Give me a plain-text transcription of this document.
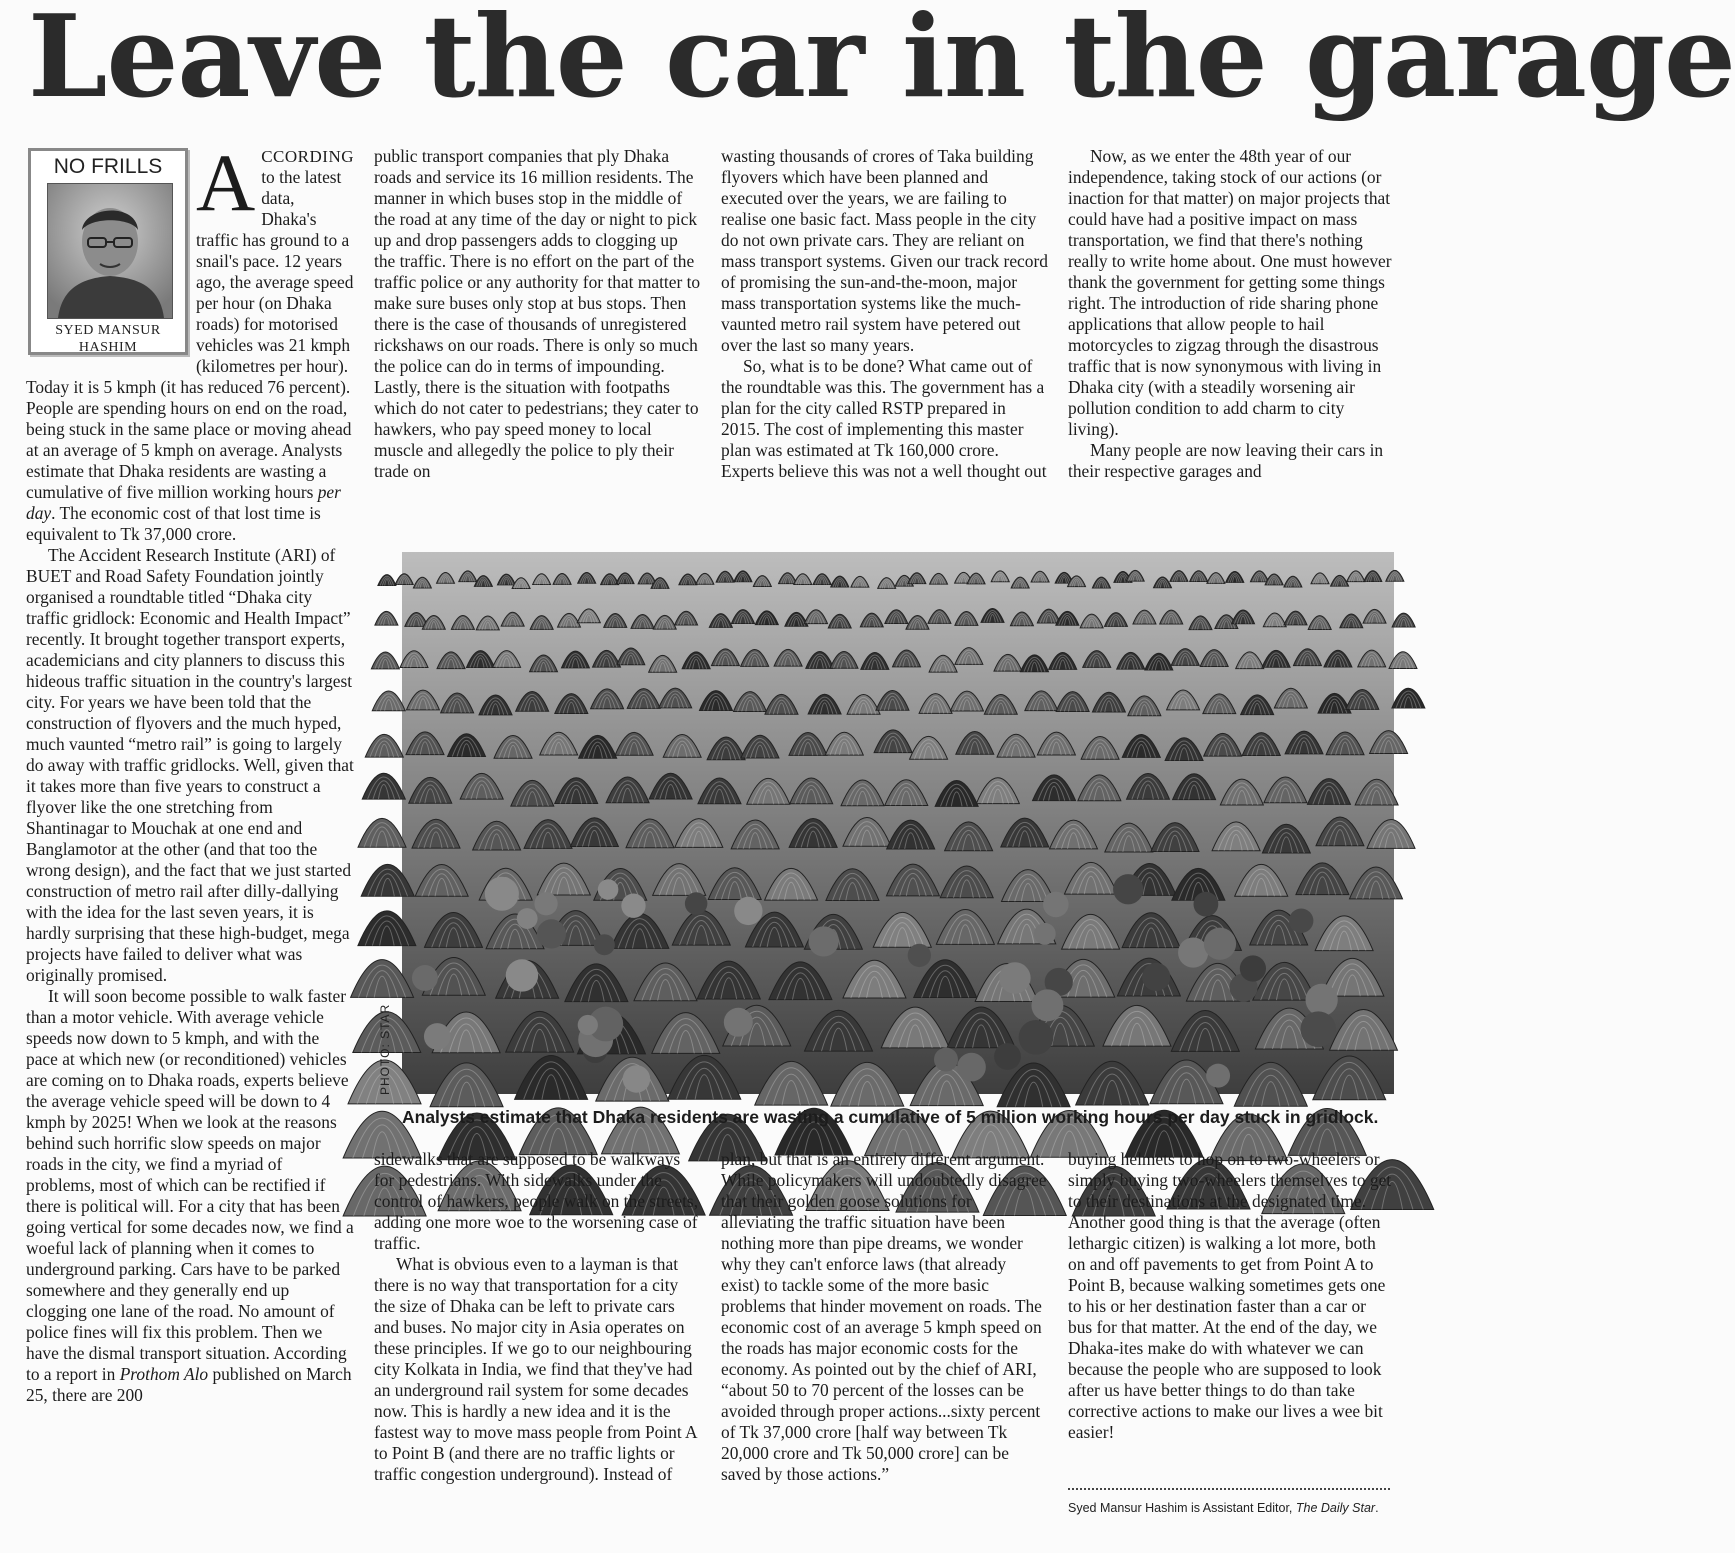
Leave the car in the garage
NO FRILLS
SYED MANSUR HASHIM

ACCORDING to the latest data, Dhaka's traffic has ground to a snail's pace. 12 years ago, the average speed per hour (on Dhaka roads) for motorised vehicles was 21 kmph (kilometres per hour). Today it is 5 kmph (it has reduced 76 percent). People are spending hours on end on the road, being stuck in the same place or moving ahead at an average of 5 kmph on average. Analysts estimate that Dhaka residents are wasting a cumulative of five million working hours per day. The economic cost of that lost time is equivalent to Tk 37,000 crore.

The Accident Research Institute (ARI) of BUET and Road Safety Foundation jointly organised a roundtable titled “Dhaka city traffic gridlock: Economic and Health Impact” recently. It brought together transport experts, academicians and city planners to discuss this hideous traffic situation in the country's largest city. For years we have been told that the construction of flyovers and the much hyped, much vaunted “metro rail” is going to largely do away with traffic gridlocks. Well, given that it takes more than five years to construct a flyover like the one stretching from Shantinagar to Mouchak at one end and Banglamotor at the other (and that too the wrong design), and the fact that we just started construction of metro rail after dilly-dallying with the idea for the last seven years, it is hardly surprising that these high-budget, mega projects have failed to deliver what was originally promised.

It will soon become possible to walk faster than a motor vehicle. With average vehicle speeds now down to 5 kmph, and with the pace at which new (or reconditioned) vehicles are coming on to Dhaka roads, experts believe the average vehicle speed will be down to 4 kmph by 2025! When we look at the reasons behind such horrific slow speeds on major roads in the city, we find a myriad of problems, most of which can be rectified if there is political will. For a city that has been going vertical for some decades now, we find a woeful lack of planning when it comes to underground parking. Cars have to be parked somewhere and they generally end up clogging one lane of the road. No amount of police fines will fix this problem. Then we have the dismal transport situation. According to a report in Prothom Alo published on March 25, there are 200

public transport companies that ply Dhaka roads and service its 16 million residents. The manner in which buses stop in the middle of the road at any time of the day or night to pick up and drop passengers adds to clogging up the traffic. There is no effort on the part of the traffic police or any authority for that matter to make sure buses only stop at bus stops. Then there is the case of thousands of unregistered rickshaws on our roads. There is only so much the police can do in terms of impounding. Lastly, there is the situation with footpaths which do not cater to pedestrians; they cater to hawkers, who pay speed money to local muscle and allegedly the police to ply their trade on

wasting thousands of crores of Taka building flyovers which have been planned and executed over the years, we are failing to realise one basic fact. Mass people in the city do not own private cars. They are reliant on mass transport systems. Given our track record of promising the sun-and-the-moon, major mass transportation systems like the much-vaunted metro rail system have petered out over the last so many years.

So, what is to be done? What came out of the roundtable was this. The government has a plan for the city called RSTP prepared in 2015. The cost of implementing this master plan was estimated at Tk 160,000 crore. Experts believe this was not a well thought out

Now, as we enter the 48th year of our independence, taking stock of our actions (or inaction for that matter) on major projects that could have had a positive impact on mass transportation, we find that there's nothing really to write home about. One must however thank the government for getting some things right. The introduction of ride sharing phone applications that allow people to hail motorcycles to zigzag through the disastrous traffic that is now synonymous with living in Dhaka city (with a steadily worsening air pollution condition to add charm to city living).

Many people are now leaving their cars in their respective garages and

PHOTO: STAR
Analysts estimate that Dhaka residents are wasting a cumulative of 5 million working hours per day stuck in gridlock.

sidewalks that are supposed to be walkways for pedestrians. With sidewalks under the control of hawkers, people walk on the streets, adding one more woe to the worsening case of traffic.

What is obvious even to a layman is that there is no way that transportation for a city the size of Dhaka can be left to private cars and buses. No major city in Asia operates on these principles. If we go to our neighbouring city Kolkata in India, we find that they've had an underground rail system for some decades now. This is hardly a new idea and it is the fastest way to move mass people from Point A to Point B (and there are no traffic lights or traffic congestion underground). Instead of

plan, but that is an entirely different argument. While policymakers will undoubtedly disagree that their golden goose solutions for alleviating the traffic situation have been nothing more than pipe dreams, we wonder why they can't enforce laws (that already exist) to tackle some of the more basic problems that hinder movement on roads. The economic cost of an average 5 kmph speed on the roads has major economic costs for the economy. As pointed out by the chief of ARI, “about 50 to 70 percent of the losses can be avoided through proper actions...sixty percent of Tk 37,000 crore [half way between Tk 20,000 crore and Tk 50,000 crore] can be saved by those actions.”

buying helmets to hop on to two-wheelers or simply buying two-wheelers themselves to get to their destinations at the designated time. Another good thing is that the average (often lethargic citizen) is walking a lot more, both on and off pavements to get from Point A to Point B, because walking sometimes gets one to his or her destination faster than a car or bus for that matter. At the end of the day, we Dhaka-ites make do with whatever we can because the people who are supposed to look after us have better things to do than take corrective actions to make our lives a wee bit easier!

Syed Mansur Hashim is Assistant Editor, The Daily Star.
